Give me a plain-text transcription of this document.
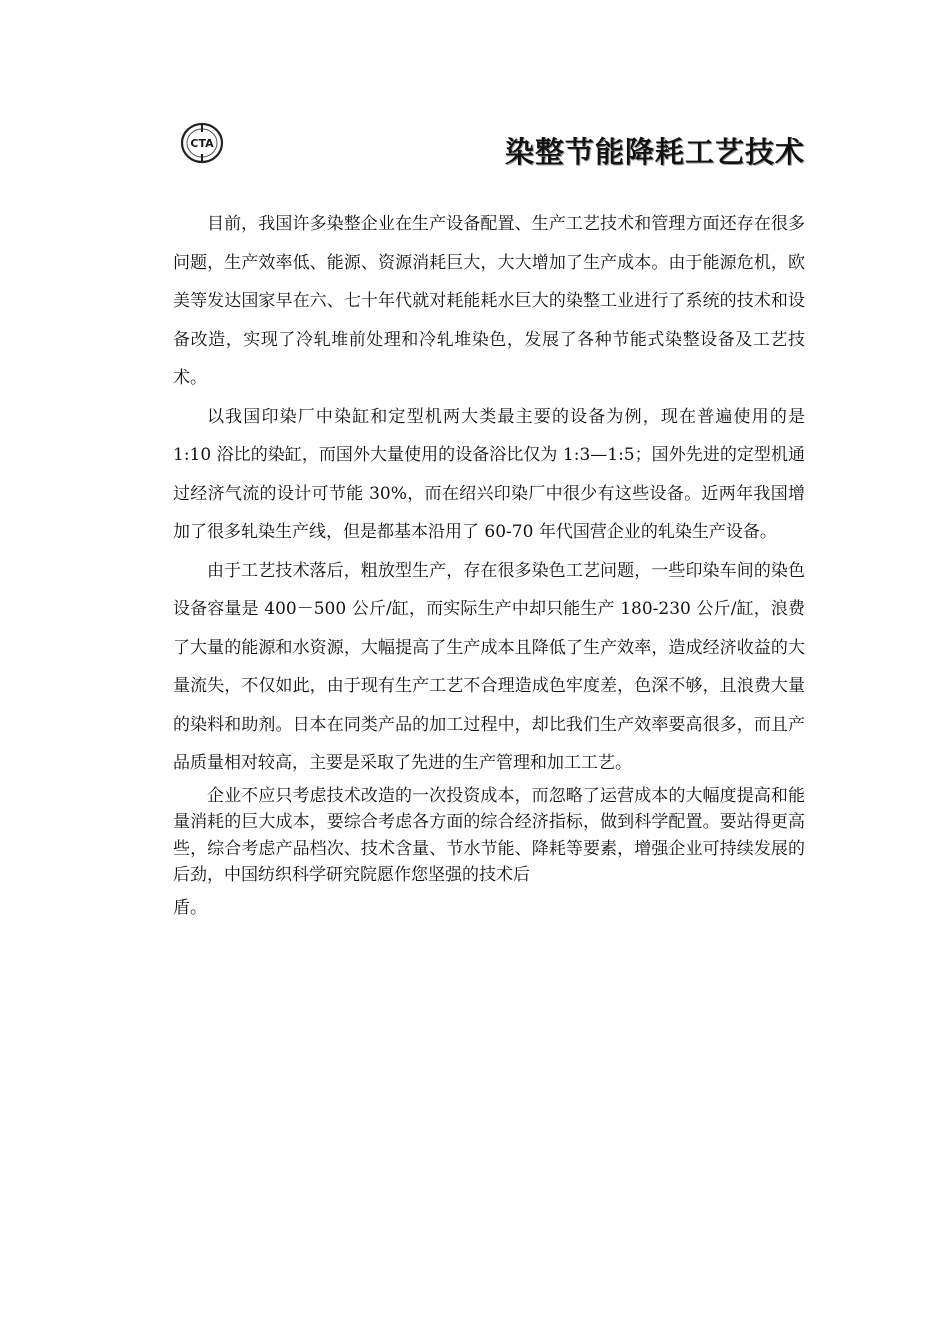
CTA	染整节能降耗工艺技术

目前，我国许多染整企业在生产设备配置、生产工艺技术和管理方面还存在很多问题，生产效率低、能源、资源消耗巨大，大大增加了生产成本。由于能源危机，欧美等发达国家早在六、七十年代就对耗能耗水巨大的染整工业进行了系统的技术和设备改造，实现了冷轧堆前处理和冷轧堆染色，发展了各种节能式染整设备及工艺技术。

以我国印染厂中染缸和定型机两大类最主要的设备为例，现在普遍使用的是 1:10 浴比的染缸，而国外大量使用的设备浴比仅为 1:3—1:5；国外先进的定型机通过经济气流的设计可节能 30%，而在绍兴印染厂中很少有这些设备。近两年我国增加了很多轧染生产线，但是都基本沿用了 60-70 年代国营企业的轧染生产设备。

由于工艺技术落后，粗放型生产，存在很多染色工艺问题，一些印染车间的染色设备容量是 400－500 公斤/缸，而实际生产中却只能生产 180-230 公斤/缸，浪费了大量的能源和水资源，大幅提高了生产成本且降低了生产效率，造成经济收益的大量流失，不仅如此，由于现有生产工艺不合理造成色牢度差，色深不够，且浪费大量的染料和助剂。日本在同类产品的加工过程中，却比我们生产效率要高很多，而且产品质量相对较高，主要是采取了先进的生产管理和加工工艺。

企业不应只考虑技术改造的一次投资成本，而忽略了运营成本的大幅度提高和能量消耗的巨大成本，要综合考虑各方面的综合经济指标，做到科学配置。要站得更高些，综合考虑产品档次、技术含量、节水节能、降耗等要素，增强企业可持续发展的后劲，中国纺织科学研究院愿作您坚强的技术后

盾。
